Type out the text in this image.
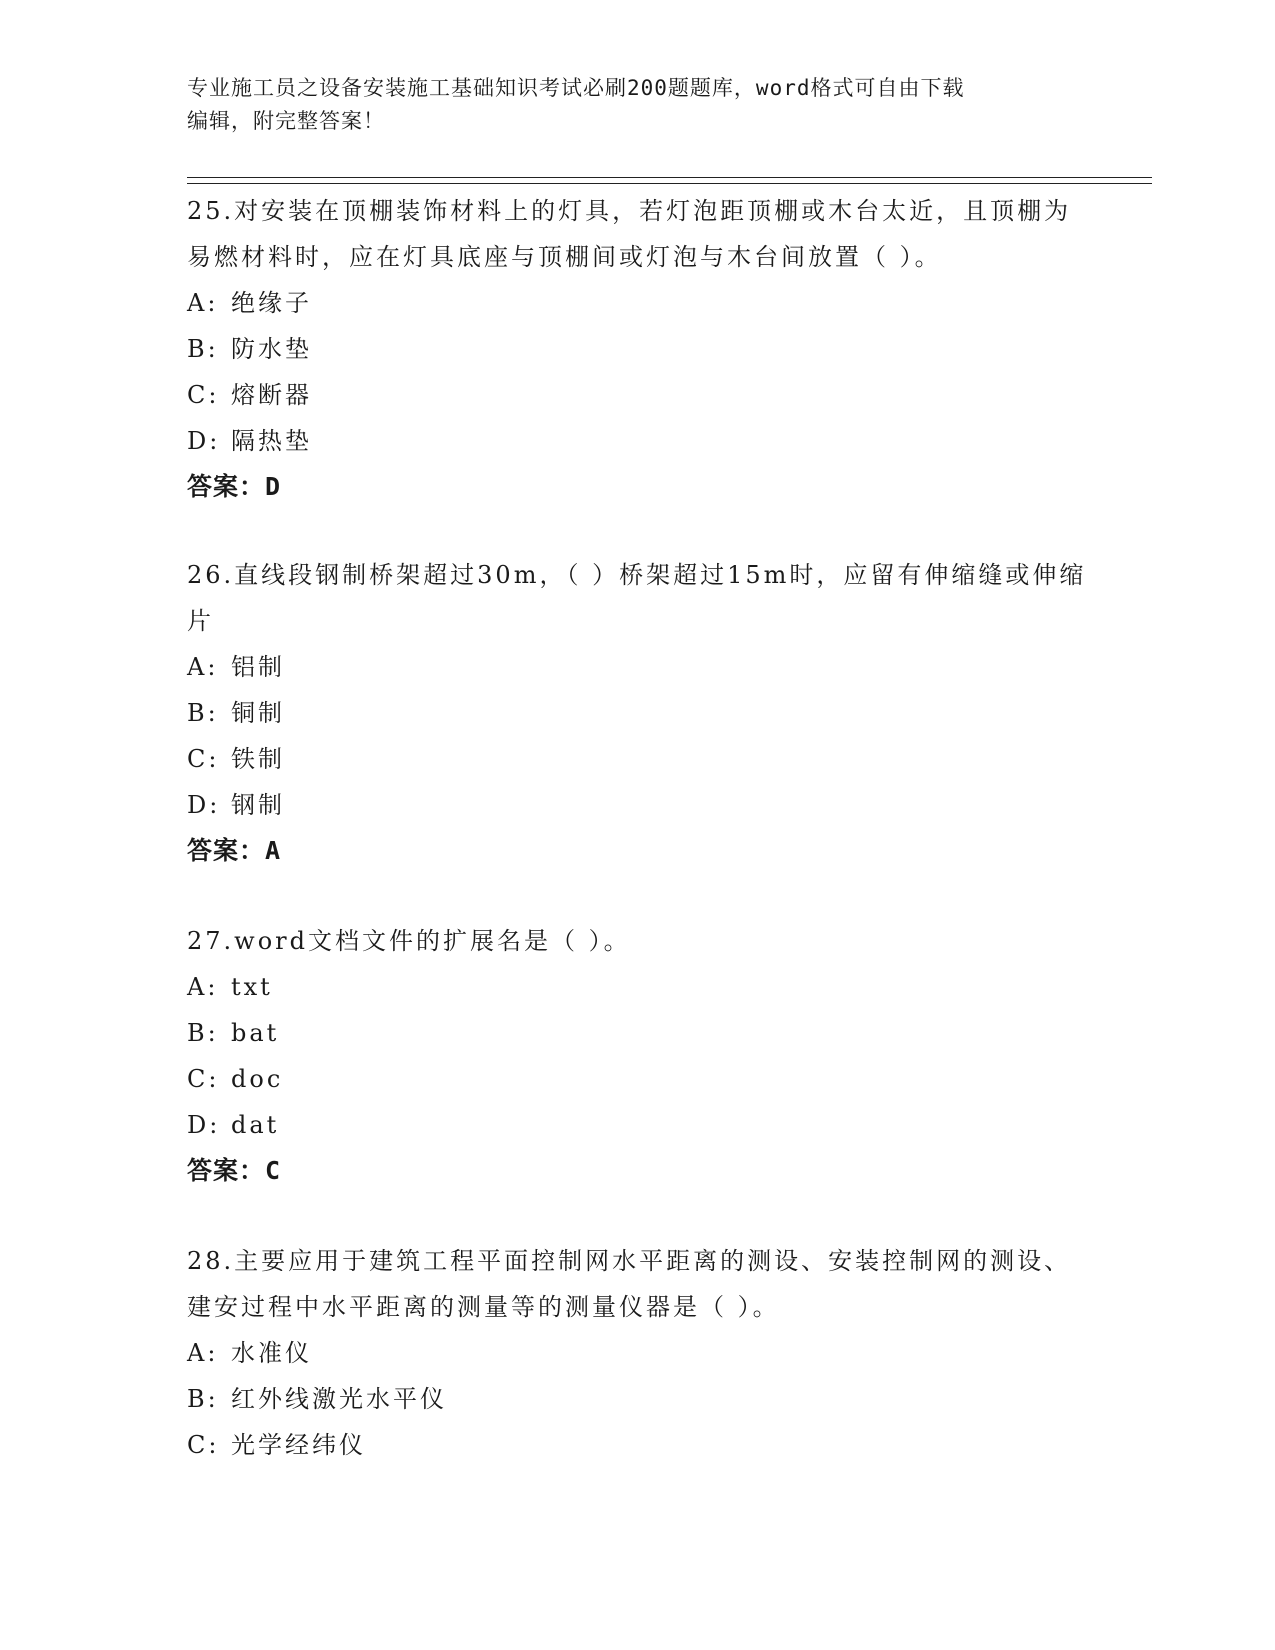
专业施工员之设备安装施工基础知识考试必刷200题题库，word格式可自由下载
编辑，附完整答案！

25.对安装在顶棚装饰材料上的灯具，若灯泡距顶棚或木台太近，且顶棚为易燃材料时，应在灯具底座与顶棚间或灯泡与木台间放置（ ）。

A: 绝缘子

B: 防水垫

C: 熔断器

D: 隔热垫

答案：D

26.直线段钢制桥架超过30m，（ ）桥架超过15m时，应留有伸缩缝或伸缩片

A: 铝制

B: 铜制

C: 铁制

D: 钢制

答案：A

27.word文档文件的扩展名是（ ）。

A: txt

B: bat

C: doc

D: dat

答案：C

28.主要应用于建筑工程平面控制网水平距离的测设、安装控制网的测设、建安过程中水平距离的测量等的测量仪器是（ ）。

A: 水准仪

B: 红外线激光水平仪

C: 光学经纬仪
